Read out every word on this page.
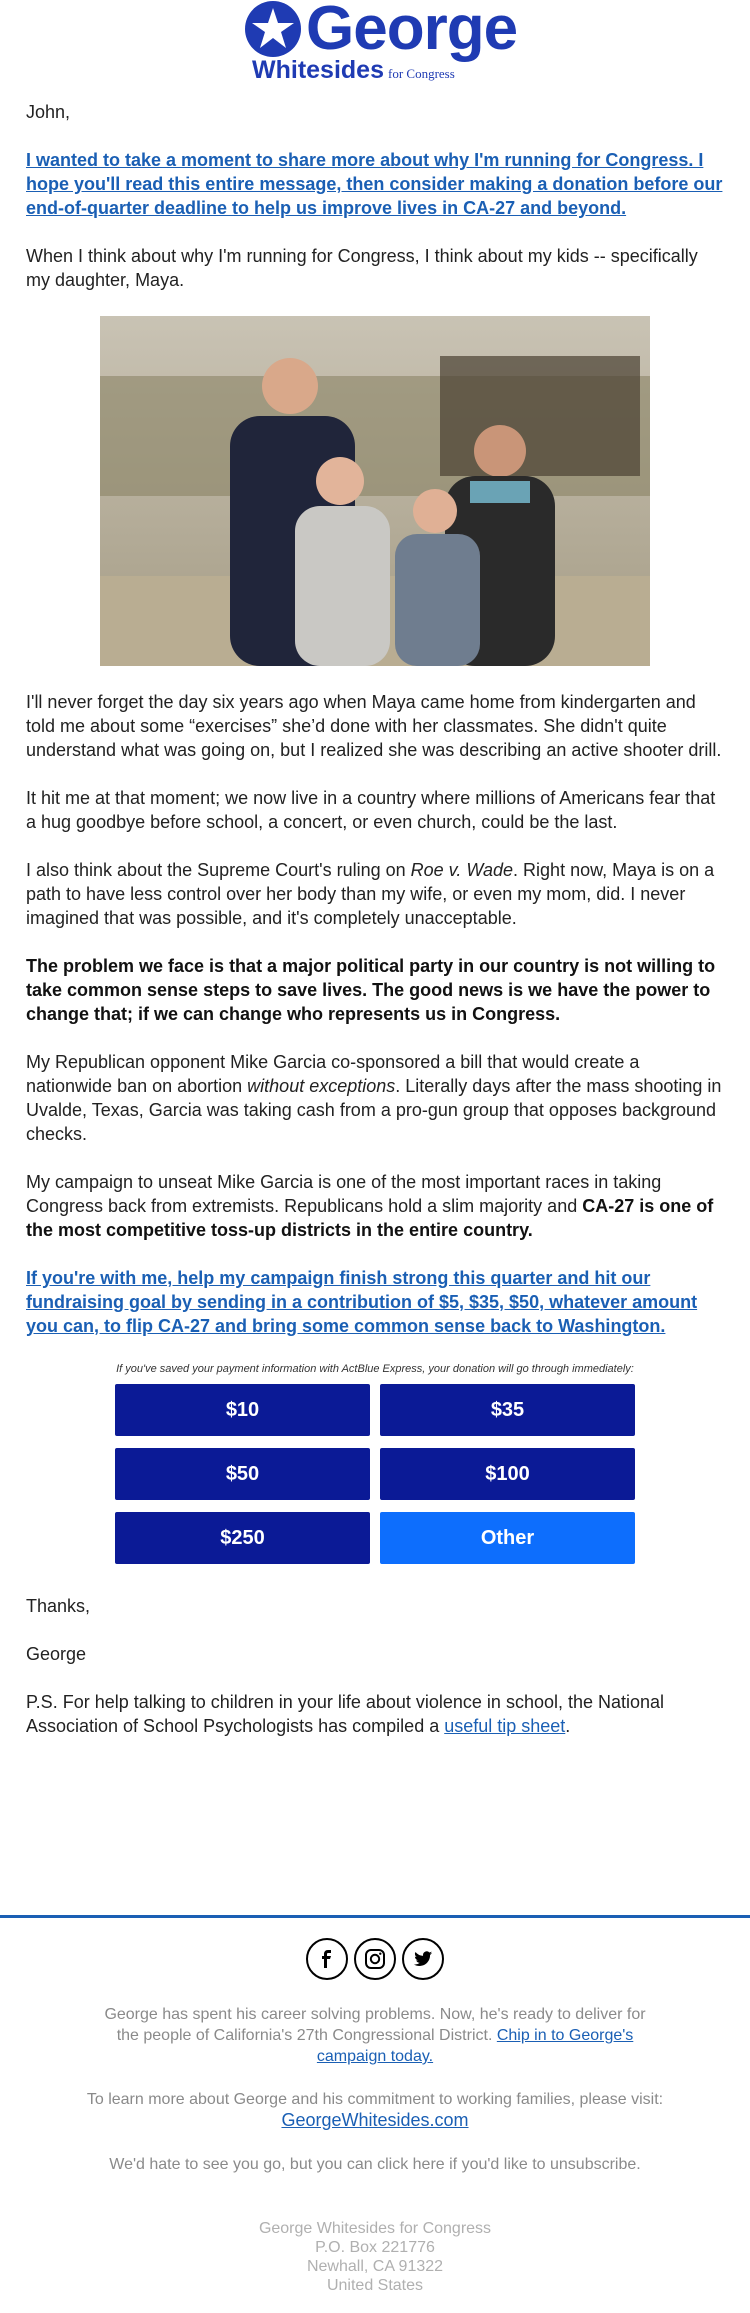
George
Whitesides for Congress

John,

I wanted to take a moment to share more about why I'm running for Congress. I hope you'll read this entire message, then consider making a donation before our end-of-quarter deadline to help us improve lives in CA-27 and beyond.

When I think about why I'm running for Congress, I think about my kids -- specifically my daughter, Maya.

I'll never forget the day six years ago when Maya came home from kindergarten and told me about some “exercises” she’d done with her classmates. She didn't quite understand what was going on, but I realized she was describing an active shooter drill.

It hit me at that moment; we now live in a country where millions of Americans fear that a hug goodbye before school, a concert, or even church, could be the last.

I also think about the Supreme Court's ruling on Roe v. Wade. Right now, Maya is on a path to have less control over her body than my wife, or even my mom, did. I never imagined that was possible, and it's completely unacceptable.

The problem we face is that a major political party in our country is not willing to take common sense steps to save lives. The good news is we have the power to change that; if we can change who represents us in Congress.

My Republican opponent Mike Garcia co-sponsored a bill that would create a nationwide ban on abortion without exceptions. Literally days after the mass shooting in Uvalde, Texas, Garcia was taking cash from a pro-gun group that opposes background checks.

My campaign to unseat Mike Garcia is one of the most important races in taking Congress back from extremists. Republicans hold a slim majority and CA-27 is one of the most competitive toss-up districts in the entire country.

If you're with me, help my campaign finish strong this quarter and hit our fundraising goal by sending in a contribution of $5, $35, $50, whatever amount you can, to flip CA-27 and bring some common sense back to Washington.

If you've saved your payment information with ActBlue Express, your donation will go through immediately:
$10	$35
$50	$100
$250	Other

Thanks,

George

P.S. For help talking to children in your life about violence in school, the National Association of School Psychologists has compiled a useful tip sheet.

George has spent his career solving problems. Now, he's ready to deliver for the people of California's 27th Congressional District. Chip in to George's campaign today.

To learn more about George and his commitment to working families, please visit:
GeorgeWhitesides.com

We'd hate to see you go, but you can click here if you'd like to unsubscribe.

George Whitesides for Congress
P.O. Box 221776
Newhall, CA 91322
United States
